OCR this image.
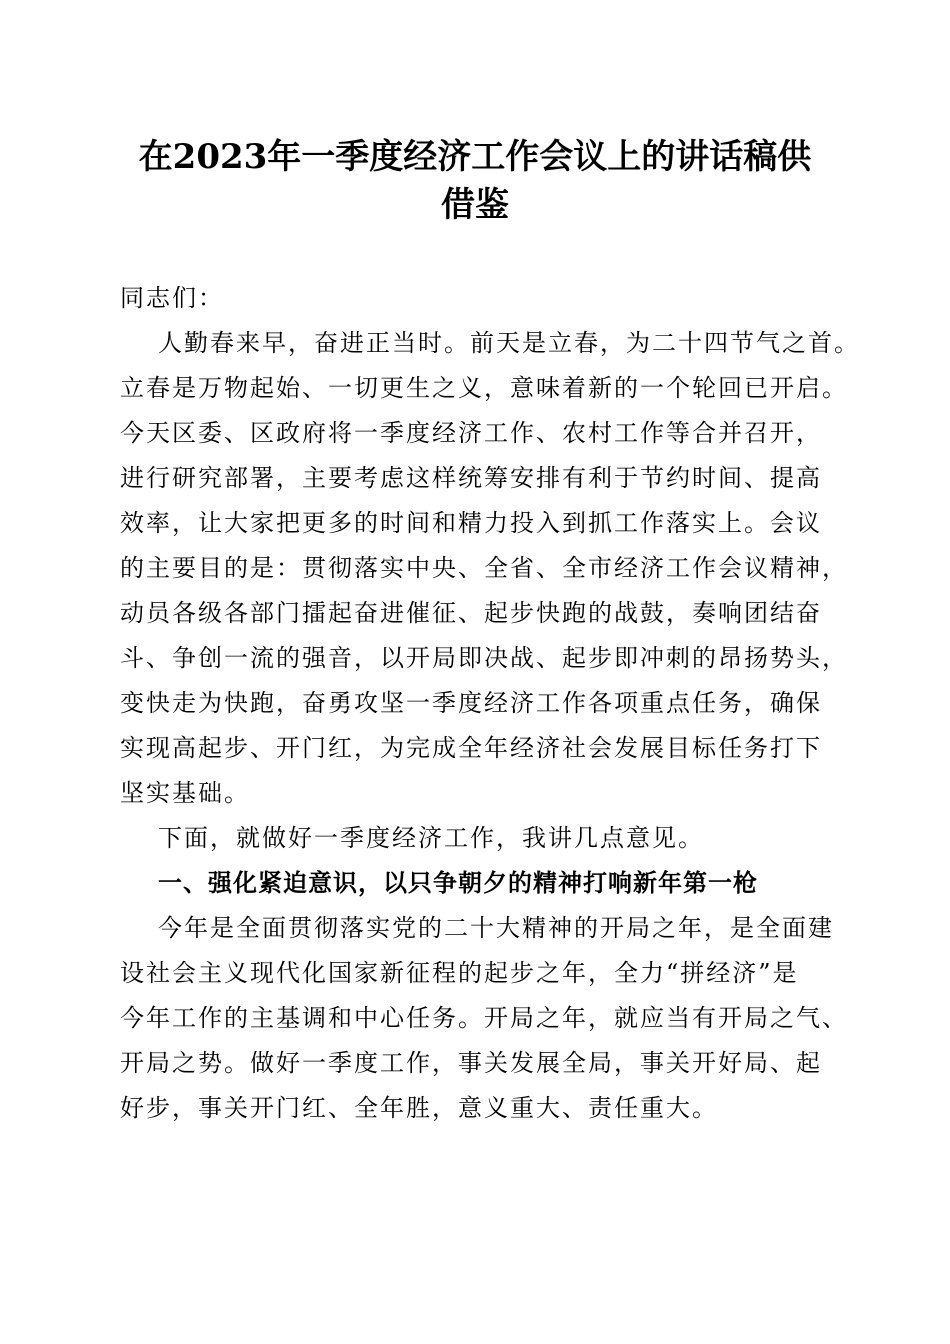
在2023年一季度经济工作会议上的讲话稿供
借鉴
同志们：
人勤春来早，奋进正当时。前天是立春，为二十四节气之首。
立春是万物起始、一切更生之义，意味着新的一个轮回已开启。
今天区委、区政府将一季度经济工作、农村工作等合并召开，
进行研究部署，主要考虑这样统筹安排有利于节约时间、提高
效率，让大家把更多的时间和精力投入到抓工作落实上。会议
的主要目的是：贯彻落实中央、全省、全市经济工作会议精神，
动员各级各部门擂起奋进催征、起步快跑的战鼓，奏响团结奋
斗、争创一流的强音，以开局即决战、起步即冲刺的昂扬势头，
变快走为快跑，奋勇攻坚一季度经济工作各项重点任务，确保
实现高起步、开门红，为完成全年经济社会发展目标任务打下
坚实基础。
下面，就做好一季度经济工作，我讲几点意见。
一、强化紧迫意识，以只争朝夕的精神打响新年第一枪
今年是全面贯彻落实党的二十大精神的开局之年，是全面建
设社会主义现代化国家新征程的起步之年，全力“拼经济”是
今年工作的主基调和中心任务。开局之年，就应当有开局之气、
开局之势。做好一季度工作，事关发展全局，事关开好局、起
好步，事关开门红、全年胜，意义重大、责任重大。
